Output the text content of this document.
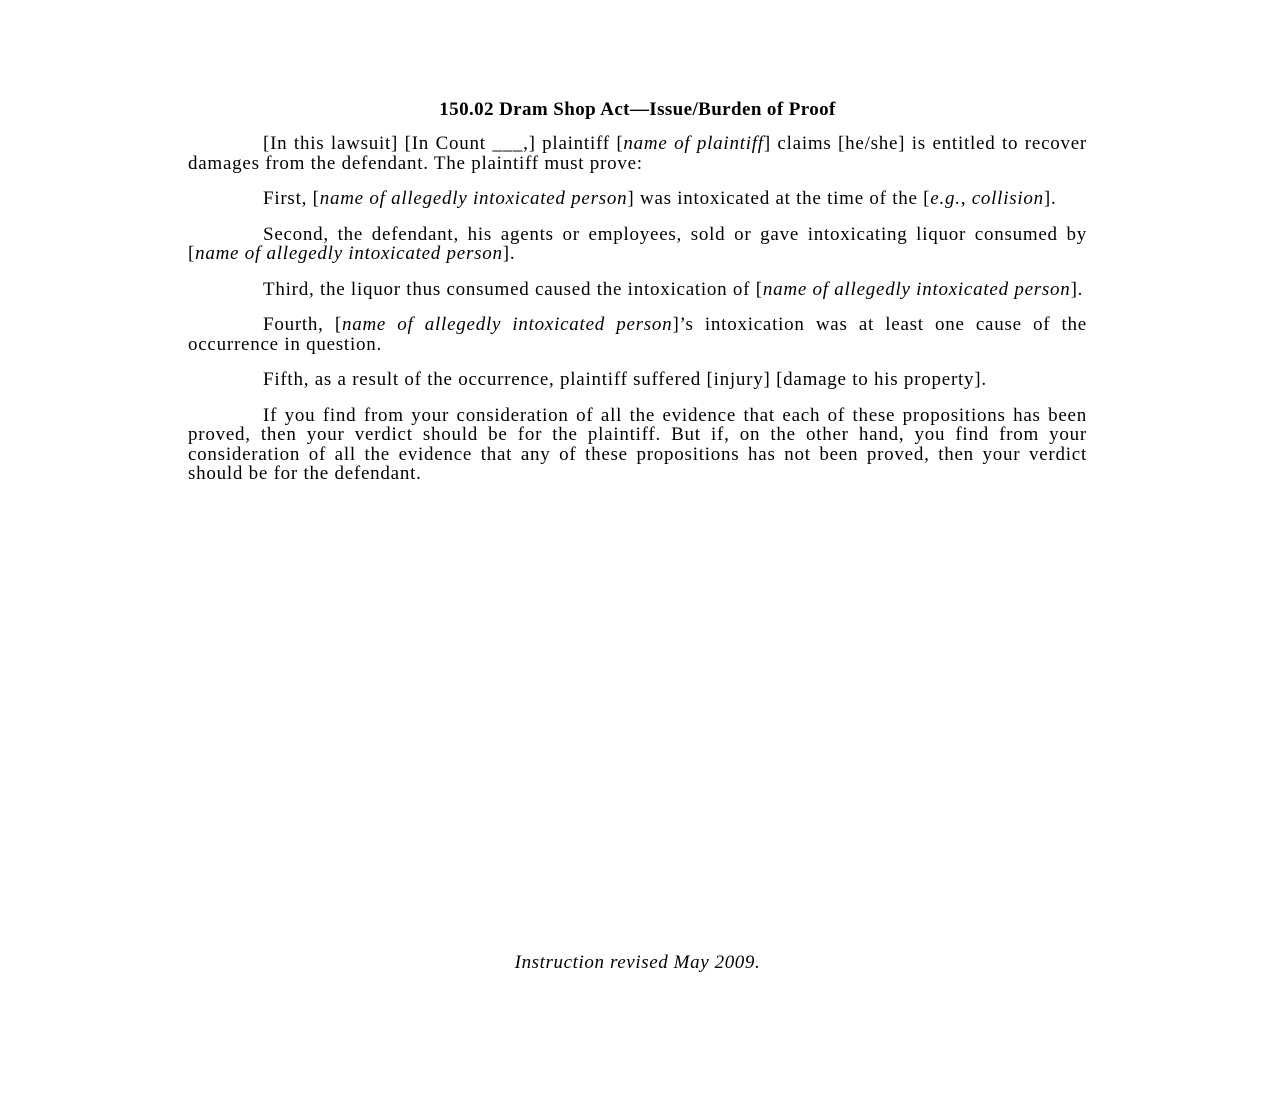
150.02 Dram Shop Act—Issue/Burden of Proof

[In this lawsuit] [In Count ___,] plaintiff [name of plaintiff] claims [he/she] is entitled to recover damages from the defendant. The plaintiff must prove:

First, [name of allegedly intoxicated person] was intoxicated at the time of the [e.g., collision].

Second, the defendant, his agents or employees, sold or gave intoxicating liquor consumed by [name of allegedly intoxicated person].

Third, the liquor thus consumed caused the intoxication of [name of allegedly intoxicated person].

Fourth, [name of allegedly intoxicated person]’s intoxication was at least one cause of the occurrence in question.

Fifth, as a result of the occurrence, plaintiff suffered [injury] [damage to his property].

If you find from your consideration of all the evidence that each of these propositions has been proved, then your verdict should be for the plaintiff. But if, on the other hand, you find from your consideration of all the evidence that any of these propositions has not been proved, then your verdict should be for the defendant.

Instruction revised May 2009.
